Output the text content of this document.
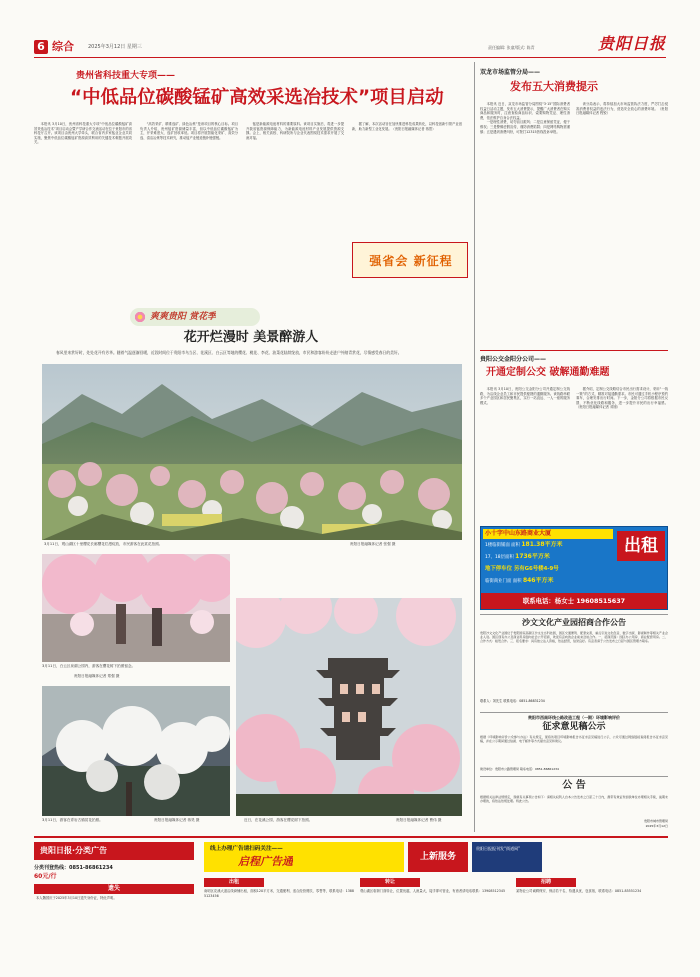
6 综合	2025年3月12日 星期三	责任编辑: 张童/版式: 陈青	贵阳日报
贵州省科技重大专项——
“中低品位碳酸锰矿高效采选冶技术”项目启动

本报讯 3月10日，贵州省科技重大专项“中低品位碳酸锰矿高效采选冶技术”项目启动会暨产学研合作交流活动在位于贵阳市的省科技厅召开。该项目由贵州大学牵头，联合省内多家锰业企业共同实施，聚焦中低品位碳酸锰矿资源高效利用的关键技术难题开展攻关。

“高效采矿、精准选矿、绿色冶炼”是该项目的核心目标。项目负责人介绍，贵州锰矿资源储量丰富，但以中低品位碳酸锰矿为主，开采难度大、选矿回收率低。项目将开展智能化采矿、高效分选、清洁冶炼等技术研究，推动锰产业链延链补链强链。

锰是新能源电池材料的重要原料。该项目实施后，将进一步提升我省锰资源保障能力，为新能源电池材料产业发展提供资源支撑。会上，相关高校、科研院所与企业代表围绕技术需求开展了交流对接。

据了解，本次活动旨在加快推进科技成果转化，以科技创新引领产业创新，助力新型工业化发展。（贵阳日报融媒体记者 蒋思）

强省会 新征程
爽爽贵阳 赏花季
花开烂漫时 美景醉游人
春风里来赏好时，处处花开有芳华。随着气温逐渐回暖，近段时间位于贵阳市乌当区、花溪区、白云区等地的樱花、桃花、李花、油菜花陆续绽放，市民和游客纷纷走进户外踏青赏花，尽情感受春日的美好。
3月11日，观山湖区十里樱花长廊樱花烂漫绽放，市民游客在此赏花拍照。	贵阳日报融媒体记者 张强 摄
3月11日，白云区泉湖公园内，游客在樱花树下拍照留念。
贵阳日报融媒体记者 郑强 摄
3月11日，游客在青岩古镇赏花拍照。	贵阳日报融媒体记者 蒋昊 摄	近日，在花溪公园，游客在樱花树下拍照。	贵阳日报融媒体记者 曹伟 摄
双龙市场监管分局——
发布五大消费提示

本报讯 近日，双龙市场监管分局围绕“3·15”国际消费者权益日活动主题，发布五大消费提示，提醒广大消费者在购买商品和服务时，注意查验商品标识、索要购物凭证、理性消费，依法维护自身合法权益。

一是理性消费，切勿盲目跟风；二是注意保留凭证，便于维权；三是警惕虚假宣传，谨防消费陷阱；四是网络购物需谨慎；五是遇到消费纠纷，可拨打12315热线投诉举报。

该分局表示，将持续加大市场监管执法力度，严厉打击侵害消费者权益的违法行为，营造安全放心的消费环境。（贵阳日报融媒体记者 程锐）

贵阳公交金阳分公司——
开通定制公交 破解通勤难题

本报讯 3月10日，贵阳公交金阳分公司开通定制公交线路，为沿线企业员工和市民提供便捷的通勤服务。该线路串联多个产业园区和居民聚集区，实行一站直达、一人一座的服务模式。

据介绍，定制公交线路结合市民出行需求设计，采用“一线一策”的方式，精准对接通勤需求。市民可通过手机小程序预约乘车，合理安排出行时间。下一步，金阳分公司将根据市民反馈，不断优化线路和服务，进一步提升市民的出行幸福感。（贵阳日报融媒体记者 邓刚）

小十字中山东路商业大厦
出租
1楼临街铺面 面积 181.38平方米
17、18层面积 1736平方米
地下停车位 另有G6号楼4-9号
临街商业门面 面积 846平方米
联系电话：杨女士 19608515637
沙文文化产业园招商合作公告
贵阳沙文文化产业园位于贵阳国家高新区沙文生态科技园，园区交通便利、配套完善，重点引进文化创意、数字出版、影视制作等相关产业企业入驻。园区现有办公及商业用房面向社会公开招商，欢迎有意向的企业前来洽谈合作。一、招商范围：园区办公用房、商业配套用房。二、合作方式：租赁合作。三、报名要求：具有独立法人资格，依法经营，信誉良好。有意者请于公告发布之日起与园区管理方联系。
联系人：刘先生 联系电话：0851-86831234
贵阳市西南环线公路改造工程（一期）环境影响评价
征求意见稿公示
根据《环境影响评价公众参与办法》有关规定，现将该项目环境影响报告书征求意见稿进行公示，公众可通过网络链接查阅报告书征求意见稿，并在公示期间通过信函、电子邮件等方式提出意见和建议。
建设单位：贵阳市公路管理局 联系电话：0851-86861234
公 告
根据相关法律法规规定，现就有关事项公告如下：请相关权利人自本公告发布之日起三十日内，携带有效证件到我单位办理相关手续，逾期未办理的，将依法依规处理。特此公告。
贵阳市城市管理局
2025年3月12日
贵阳日报·分类广告
分类刊登热线：0851-86861234
60元/行
遗失
本人魏国庆于2025年3月10日遗失身份证，特此声明。
线上办理广告请扫码关注——
启程广告通	上新服务
贵阳日报报刊发“街道网”
出租
南明区花溪大道沿线商铺出租，面积120平方米，交通便利，适合经营餐饮、零售等，联系电话：13885123456
转让
观山湖区临街门面转让，位置优越，人流量大，接手即可营业，有意者请电话联系：13908512345
招聘
某物业公司诚聘保安、保洁若干名，待遇从优，包食宿，联系电话：0851-85551234
